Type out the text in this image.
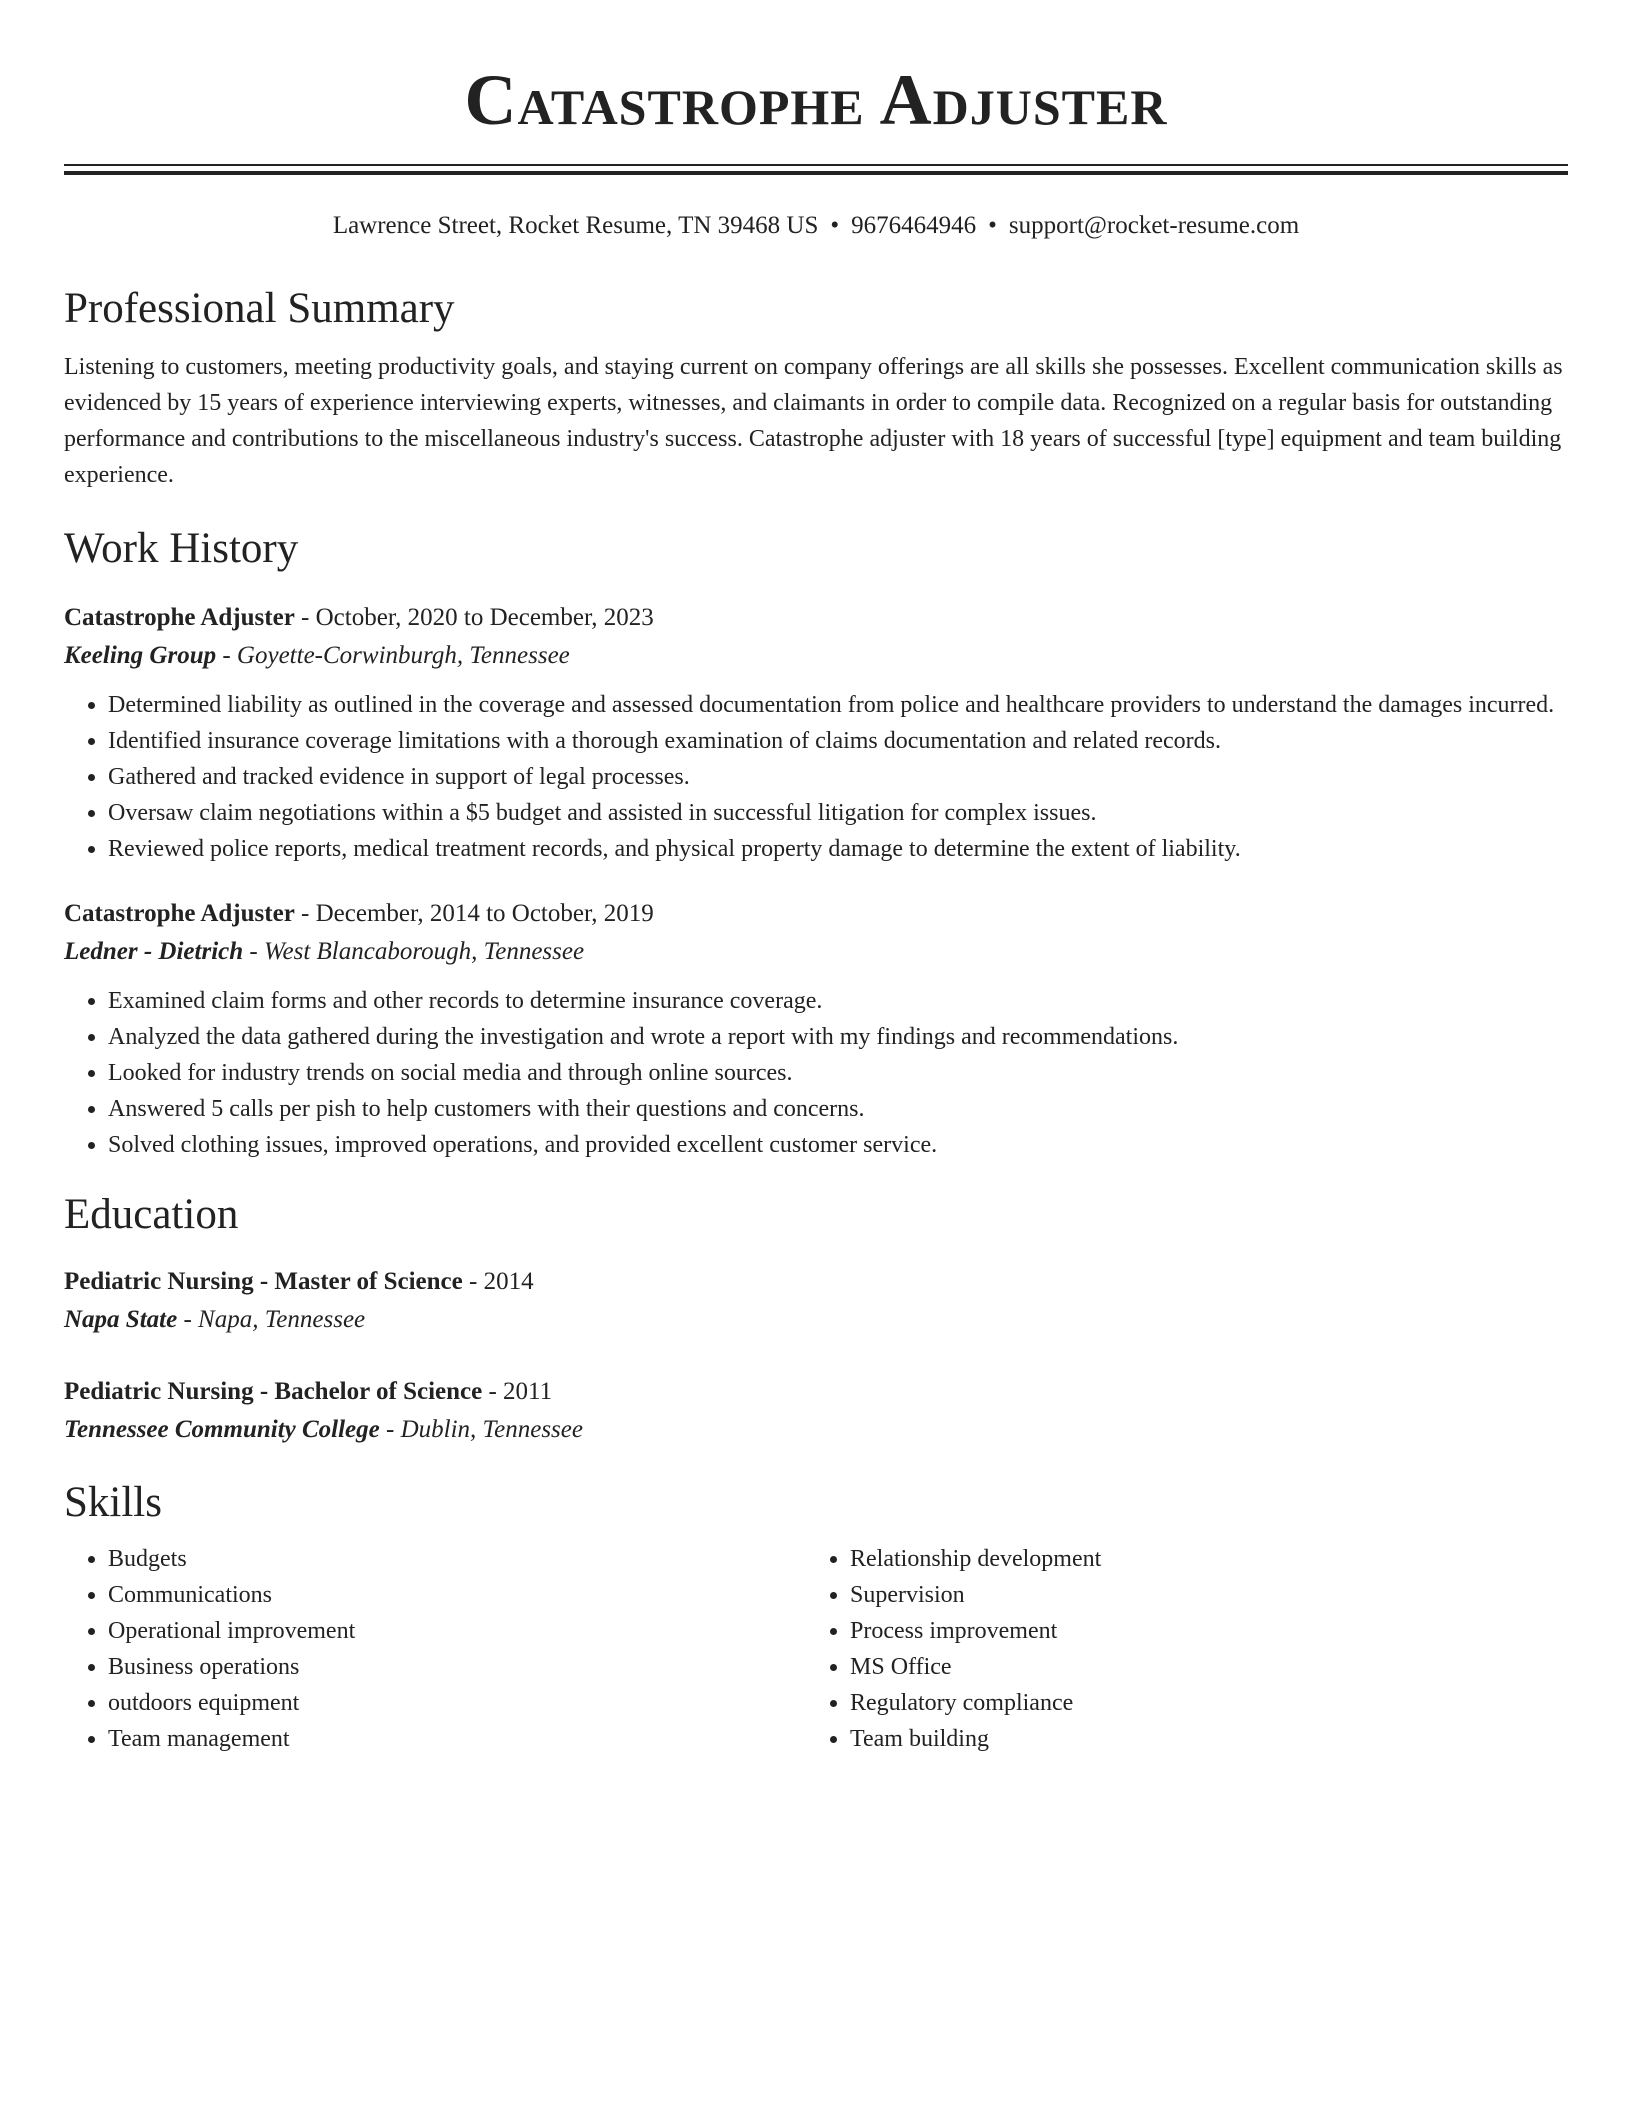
Catastrophe Adjuster
Lawrence Street, Rocket Resume, TN 39468 US • 9676464946 • support@rocket-resume.com
Professional Summary

Listening to customers, meeting productivity goals, and staying current on company offerings are all skills she possesses. Excellent communication skills as evidenced by 15 years of experience interviewing experts, witnesses, and claimants in order to compile data. Recognized on a regular basis for outstanding performance and contributions to the miscellaneous industry's success. Catastrophe adjuster with 18 years of successful [type] equipment and team building experience.

Work History
Catastrophe Adjuster - October, 2020 to December, 2023
Keeling Group - Goyette-Corwinburgh, Tennessee
• Determined liability as outlined in the coverage and assessed documentation from police and healthcare providers to understand the damages incurred.
• Identified insurance coverage limitations with a thorough examination of claims documentation and related records.
• Gathered and tracked evidence in support of legal processes.
• Oversaw claim negotiations within a $5 budget and assisted in successful litigation for complex issues.
• Reviewed police reports, medical treatment records, and physical property damage to determine the extent of liability.
Catastrophe Adjuster - December, 2014 to October, 2019
Ledner - Dietrich - West Blancaborough, Tennessee
• Examined claim forms and other records to determine insurance coverage.
• Analyzed the data gathered during the investigation and wrote a report with my findings and recommendations.
• Looked for industry trends on social media and through online sources.
• Answered 5 calls per pish to help customers with their questions and concerns.
• Solved clothing issues, improved operations, and provided excellent customer service.
Education
Pediatric Nursing - Master of Science - 2014
Napa State - Napa, Tennessee
Pediatric Nursing - Bachelor of Science - 2011
Tennessee Community College - Dublin, Tennessee
Skills
• Budgets
• Communications
• Operational improvement
• Business operations
• outdoors equipment
• Team management
• Relationship development
• Supervision
• Process improvement
• MS Office
• Regulatory compliance
• Team building
